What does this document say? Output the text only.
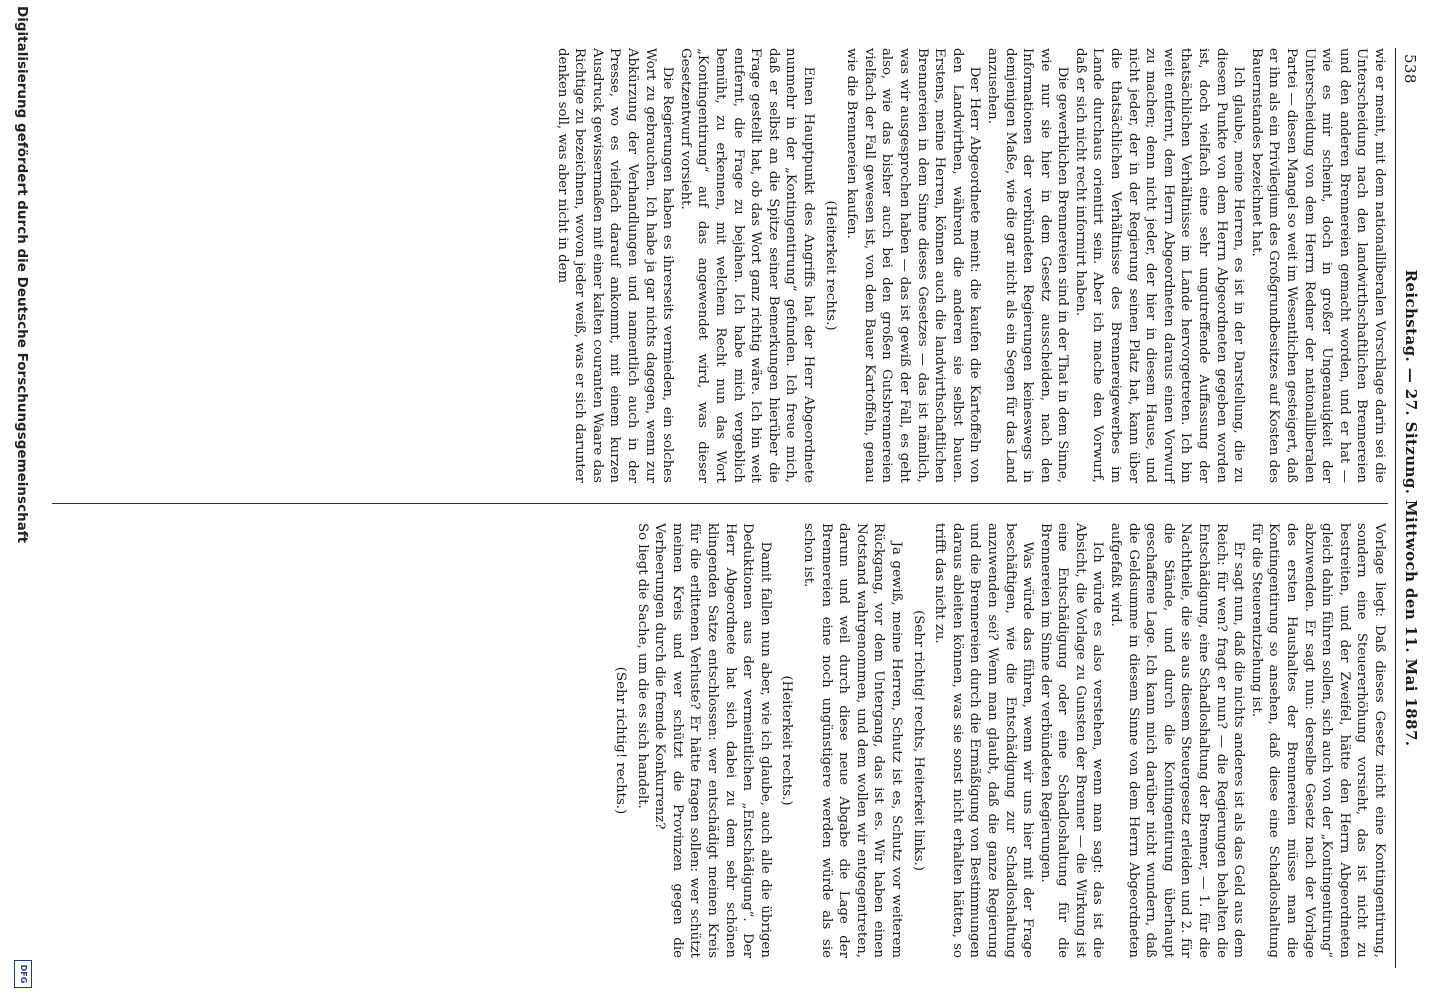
538
Reichstag. — 27. Sitzung. Mittwoch den 11. Mai 1887.

wie er meint, mit dem nationalliberalen Vorschlage darin sei die Unterscheidung nach den landwirthschaftlichen Brennereien und den anderen Brennereien gemacht worden, und er hat — wie es mir scheint, doch in großer Ungenauigkeit der Unterscheidung von dem Herrn Redner der nationalliberalen Partei — diesen Mangel so weit im Wesentlichen gesteigert, daß er ihn als ein Privilegium des Großgrundbesitzes auf Kosten des Bauernstandes bezeichnet hat.

Ich glaube, meine Herren, es ist in der Darstellung, die zu diesem Punkte von dem Herrn Abgeordneten gegeben worden ist, doch vielfach eine sehr ungutreffende Auffassung der thatsächlichen Verhältnisse im Lande hervorgetreten. Ich bin weit entfernt, dem Herrn Abgeordneten daraus einen Vorwurf zu machen; denn nicht jeder, der hier in diesem Hause, und nicht jeder, der in der Regierung seinen Platz hat, kann über die thatsächlichen Verhältnisse des Brennereigewerbes im Lande durchaus orientirt sein. Aber ich mache den Vorwurf, daß er sich nicht recht informirt haben.

Die gewerblichen Brennereien sind in der That in dem Sinne, wie nur sie hier in dem Gesetz ausscheiden, nach den Informationen der verbündeten Regierungen keineswegs in demjenigen Maße, wie die gar nicht als ein Segen für das Land anzusehen.

Der Herr Abgeordnete meint: die kaufen die Kartoffeln von den Landwirthen, während die anderen sie selbst bauen. Erstens, meine Herren, können auch die landwirthschaftlichen Brennereien in dem Sinne dieses Gesetzes — das ist nämlich, was wir ausgesprochen haben — das ist gewiß der Fall, es geht also, wie das bisher auch bei den großen Gutsbrennereien vielfach der Fall gewesen ist, von dem Bauer Kartoffeln, genau wie die Brennereien kaufen.

(Heiterkeit rechts.)

Einen Hauptpunkt des Angriffs hat der Herr Abgeordnete nunmehr in der „Kontingentirung“ gefunden. Ich freue mich, daß er selbst an die Spitze seiner Bemerkungen hierüber die Frage gestellt hat, ob das Wort ganz richtig wäre. Ich bin weit entfernt, die Frage zu bejahen. Ich habe mich vergeblich bemüht, zu erkennen, mit welchem Recht nun das Wort „Kontingentirung“ auf das angewendet wird, was dieser Gesetzentwurf vorsieht.

Die Regierungen haben es ihrerseits vermieden, ein solches Wort zu gebrauchen. Ich habe ja gar nichts dagegen, wenn zur Abkürzung der Verhandlungen und namentlich auch in der Presse, wo es vielfach darauf ankommt, mit einem kurzen Ausdruck gewissermaßen mit einer kalten couranten Waare das Richtige zu bezeichnen, wovon jeder weiß, was er sich darunter denken soll, was aber nicht in dem

Vorlage liegt: Daß dieses Gesetz nicht eine Kontingentirung, sondern eine Steuererhöhung vorsieht, das ist nicht zu bestreiten, und der Zweifel, hätte den Herrn Abgeordneten gleich dahin führen sollen, sich auch von der „Kontingentirung“ abzuwenden. Er sagt nun: derselbe Gesetz nach der Vorlage des ersten Haushaltes der Brennereien müsse man die Kontingentirung so ansehen, daß diese eine Schadloshaltung für die Steuerentziehung ist.

Er sagt nun, daß die nichts anderes ist als das Geld aus dem Reich: für wen? fragt er nun? — die Regierungen behalten die Entschädigung, eine Schadloshaltung der Brenner, — 1. für die Nachtheile, die sie aus diesem Steuergesetz erleiden und 2. für die Stände, und durch die Kontingentirung überhaupt geschaffene Lage. Ich kann mich darüber nicht wundern, daß die Geldsumme in diesem Sinne von dem Herrn Abgeordneten aufgefaßt wird.

Ich würde es also verstehen, wenn man sagt: das ist die Absicht, die Vorlage zu Gunsten der Brenner — die Wirkung ist eine Entschädigung oder eine Schadloshaltung für die Brennereien im Sinne der verbündeten Regierungen.

Was würde das führen, wenn wir uns hier mit der Frage beschäftigen, wie die Entschädigung zur Schadloshaltung anzuwenden sei? Wenn man glaubt, daß die ganze Regierung und die Brennereien durch die Ermäßigung von Bestimmungen daraus ableiten können, was sie sonst nicht erhalten hätten, so trifft das nicht zu.

(Sehr richtig! rechts, Heiterkeit links.)

Ja gewiß, meine Herren, Schutz ist es, Schutz vor weiterem Rückgang, vor dem Untergang, das ist es. Wir haben einen Notstand wahrgenommen, und dem wollen wir entgegentreten, darum und weil durch diese neue Abgabe die Lage der Brennereien eine noch ungünstigere werden würde als sie schon ist.

(Heiterkeit rechts.)

Damit fallen nun aber, wie ich glaube, auch alle die übrigen Deduktionen aus der vermeintlichen „Entschädigung“. Der Herr Abgeordnete hat sich dabei zu dem sehr schönen klingenden Satze entschlossen: wer entschädigt meinen Kreis für die erlittenen Verluste? Er hätte fragen sollen: wer schützt meinen Kreis und wer schützt die Provinzen gegen die Verheerungen durch die fremde Konkurrenz?

So liegt die Sache, um die es sich handelt.

(Sehr richtig! rechts.)

Digitalisierung gefördert durch die Deutsche Forschungsgemeinschaft
DFG
